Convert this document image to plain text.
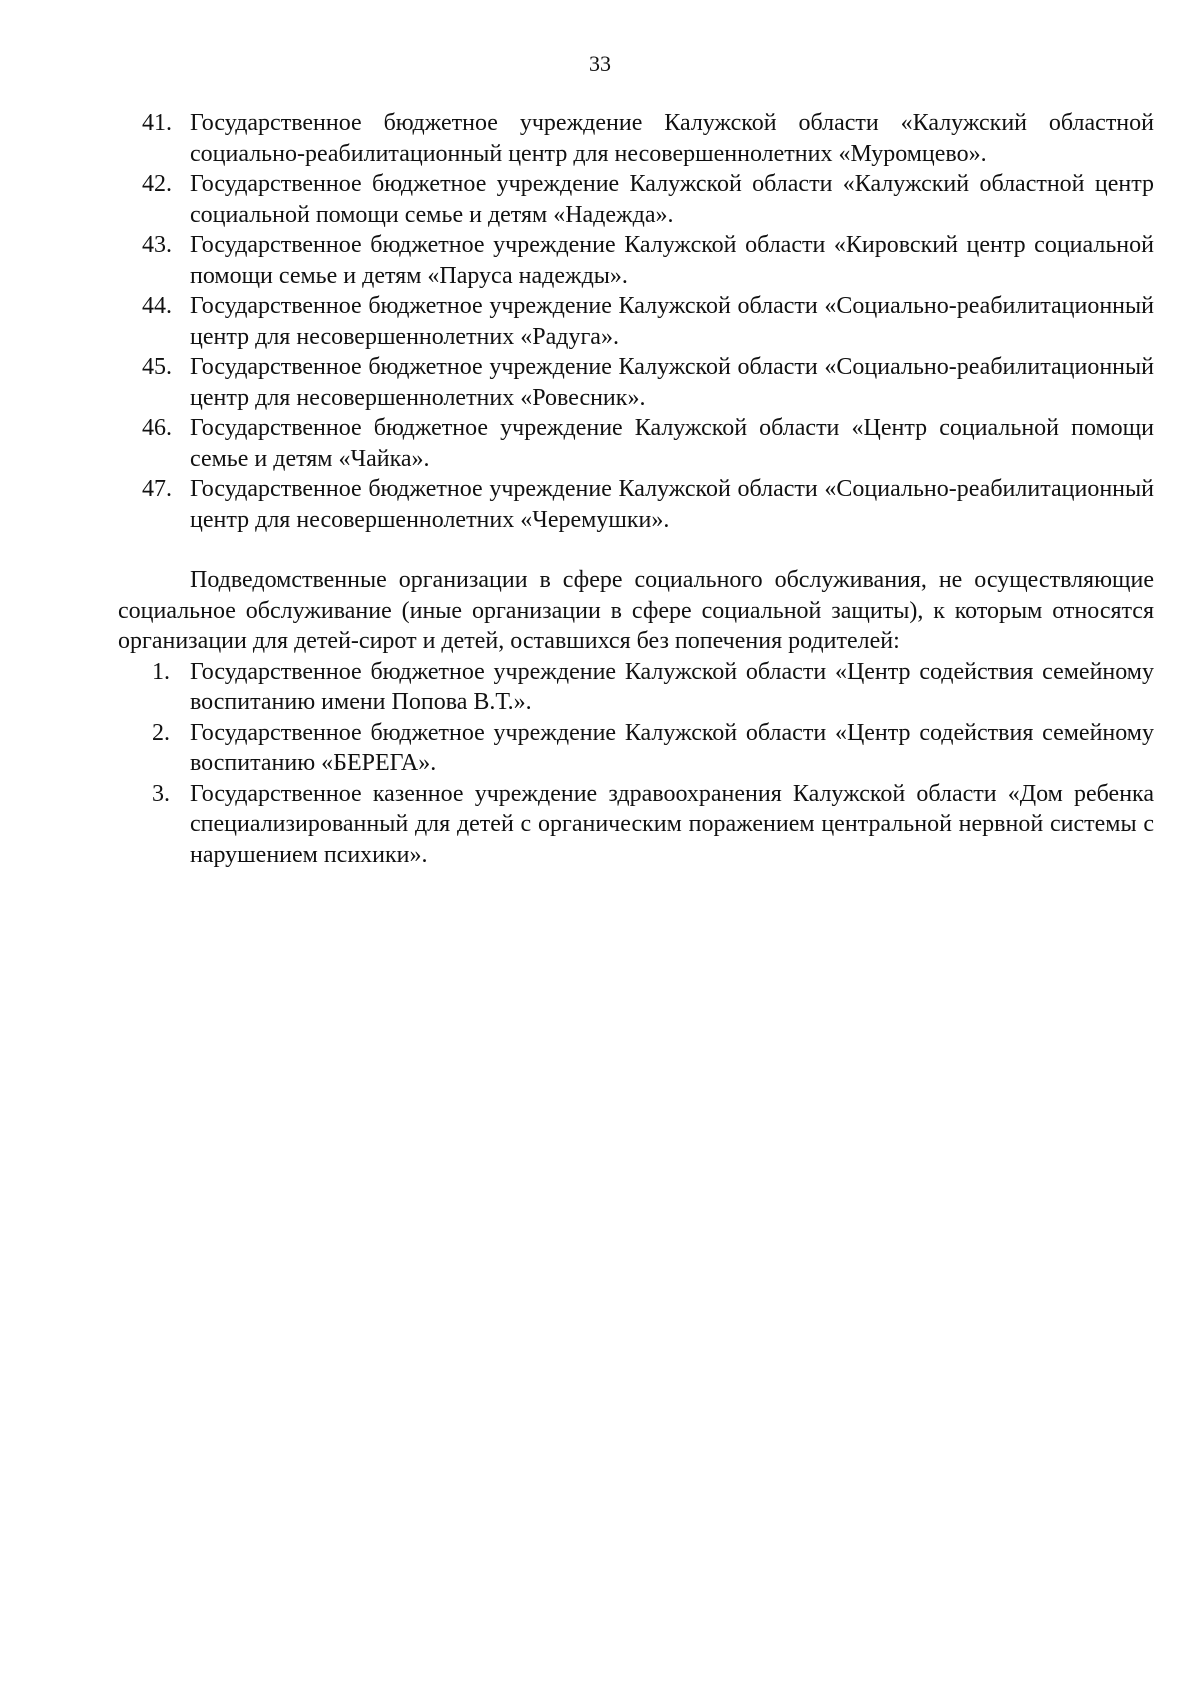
33
41. Государственное бюджетное учреждение Калужской области «Калужский областной социально-реабилитационный центр для несовершеннолетних «Муромцево».
42. Государственное бюджетное учреждение Калужской области «Калужский областной центр социальной помощи семье и детям «Надежда».
43. Государственное бюджетное учреждение Калужской области «Кировский центр социальной помощи семье и детям «Паруса надежды».
44. Государственное бюджетное учреждение Калужской области «Социально-реабилитационный центр для несовершеннолетних «Радуга».
45. Государственное бюджетное учреждение Калужской области «Социально-реабилитационный центр для несовершеннолетних «Ровесник».
46. Государственное бюджетное учреждение Калужской области «Центр социальной помощи семье и детям «Чайка».
47. Государственное бюджетное учреждение Калужской области «Социально-реабилитационный центр для несовершеннолетних «Черемушки».

Подведомственные организации в сфере социального обслуживания, не осуществляющие социальное обслуживание (иные организации в сфере социальной защиты), к которым относятся организации для детей-сирот и детей, оставшихся без попечения родителей:

1. Государственное бюджетное учреждение Калужской области «Центр содействия семейному воспитанию имени Попова В.Т.».
2. Государственное бюджетное учреждение Калужской области «Центр содействия семейному воспитанию «БЕРЕГА».
3. Государственное казенное учреждение здравоохранения Калужской области «Дом ребенка специализированный для детей с органическим поражением центральной нервной системы с нарушением психики».
